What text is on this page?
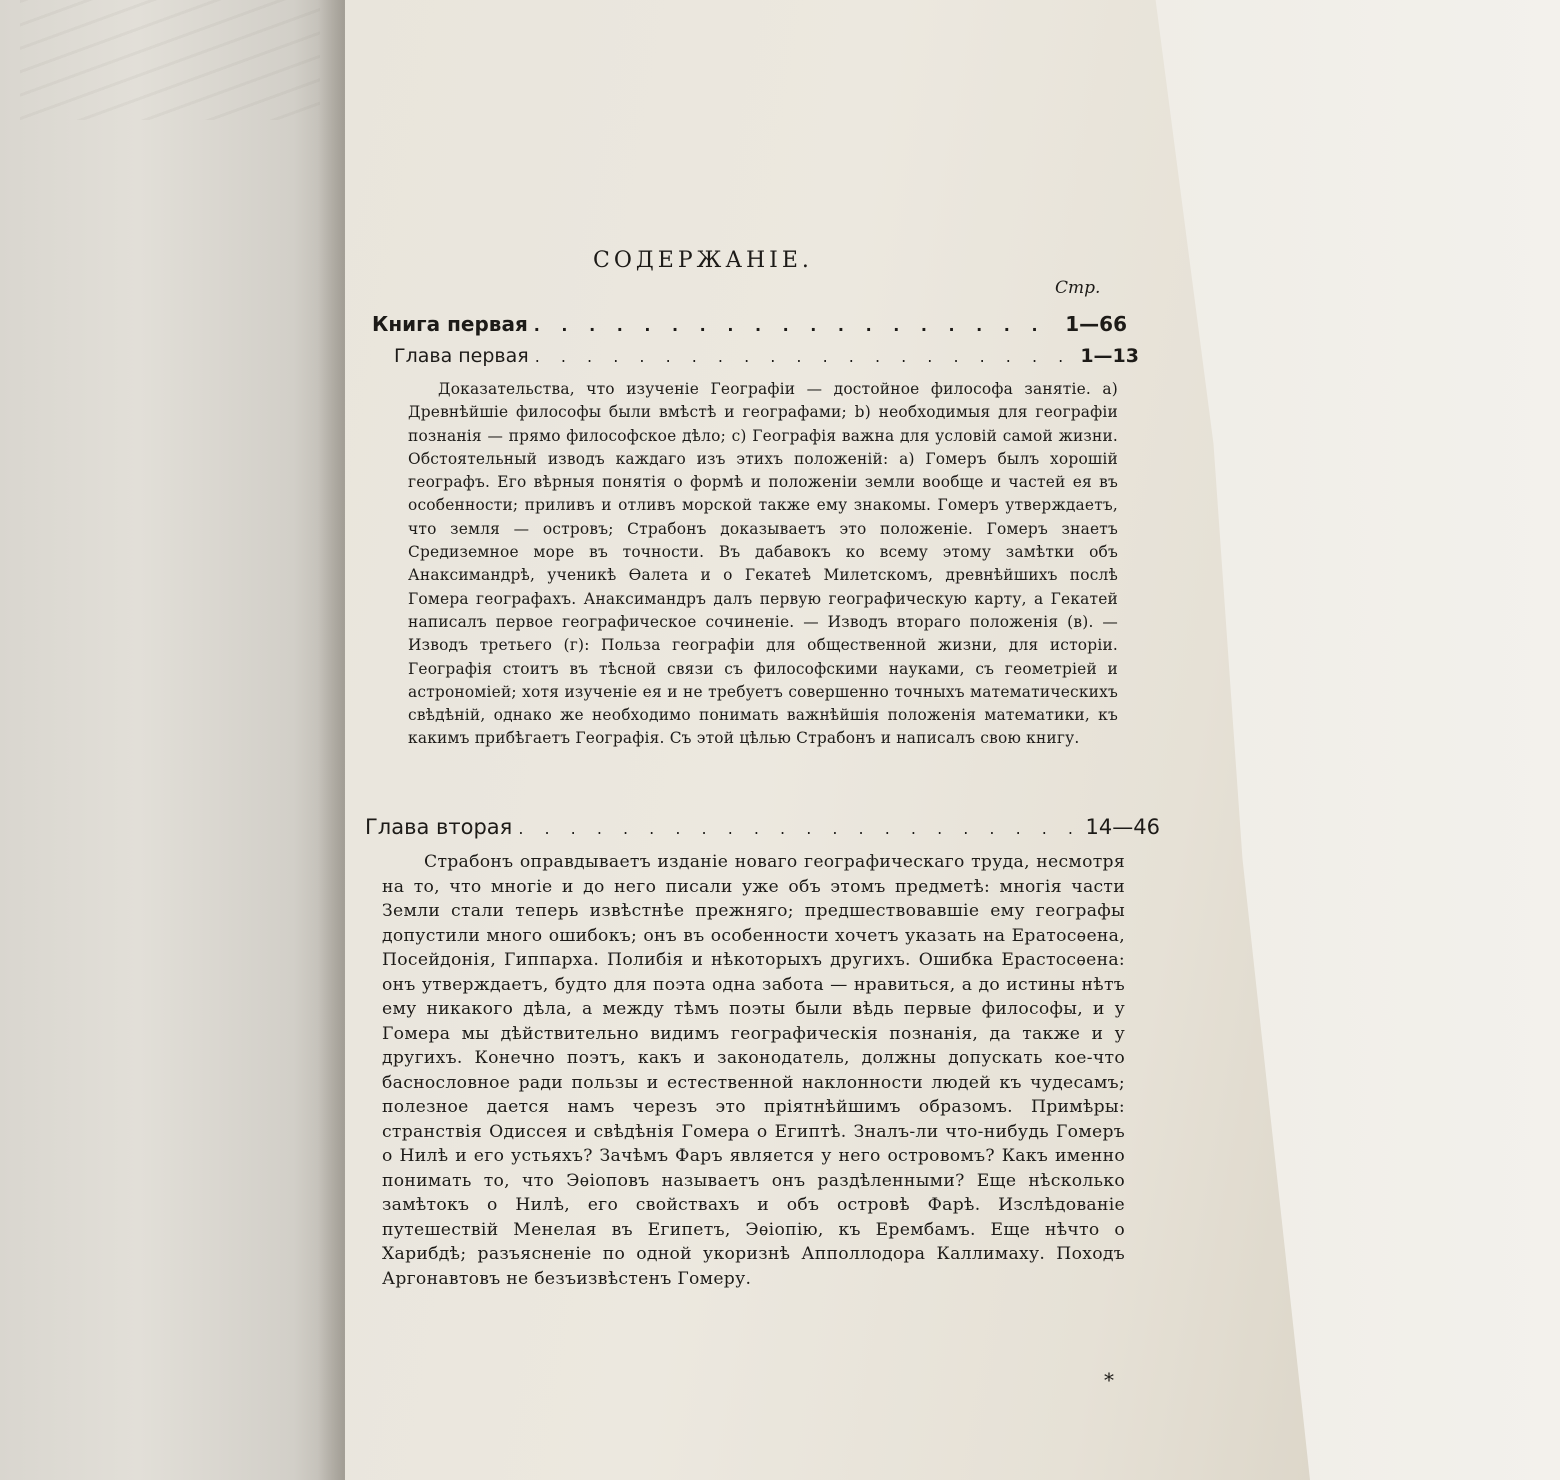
СОДЕРЖАНІЕ.
Стр.
Книга первая . . .	1—66
Глава первая . . .	1—13
Доказательства, что изученіе Географіи — достойное философа занятіе. а) Древнѣйшіе философы были вмѣстѣ и географами; b) необходимыя для географіи познанія — прямо философское дѣло; с) Географія важна для условій самой жизни. Обстоятельный изводъ каждаго изъ этихъ положеній: а) Гомеръ былъ хорошій географъ. Его вѣрныя понятія о формѣ и положеніи земли вообще и частей ея въ особенности; приливъ и отливъ морской также ему знакомы. Гомеръ утверждаетъ, что земля — островъ; Страбонъ доказываетъ это положеніе. Гомеръ знаетъ Средиземное море въ точности. Въ дабавокъ ко всему этому замѣтки объ Анаксимандрѣ, ученикѣ Ѳалета и о Гекатеѣ Милетскомъ, древнѣйшихъ послѣ Гомера географахъ. Анаксимандръ далъ первую географическую карту, а Гекатей написалъ первое географическое сочиненіе. — Изводъ втораго положенія (в). — Изводъ третьего (г): Польза географіи для общественной жизни, для исторіи. Географія стоитъ въ тѣсной связи съ философскими науками, съ геометріей и астрономіей; хотя изученіе ея и не требуетъ совершенно точныхъ математическихъ свѣдѣній, однако же необходимо понимать важнѣйшія положенія математики, къ какимъ прибѣгаетъ Географія. Съ этой цѣлью Страбонъ и написалъ свою книгу.
Глава вторая . . .	14—46
Страбонъ оправдываетъ изданіе новаго географическаго труда, несмотря на то, что многіе и до него писали уже объ этомъ предметѣ: многія части Земли стали теперь извѣстнѣе прежняго; предшествовавшіе ему географы допустили много ошибокъ; онъ въ особенности хочетъ указать на Ератосѳена, Посейдонія, Гиппарха. Полибія и нѣкоторыхъ другихъ. Ошибка Ерастосѳена: онъ утверждаетъ, будто для поэта одна забота — нравиться, а до истины нѣтъ ему никакого дѣла, а между тѣмъ поэты были вѣдь первые философы, и у Гомера мы дѣйствительно видимъ географическія познанія, да также и у другихъ. Конечно поэтъ, какъ и законодатель, должны допускать кое-что баснословное ради пользы и естественной наклонности людей къ чудесамъ; полезное дается намъ черезъ это пріятнѣйшимъ образомъ. Примѣры: странствія Одиссея и свѣдѣнія Гомера о Египтѣ. Зналъ-ли что-нибудь Гомеръ о Нилѣ и его устьяхъ? Зачѣмъ Фаръ является у него островомъ? Какъ именно понимать то, что Эѳіоповъ называетъ онъ раздѣленными? Еще нѣсколько замѣтокъ о Нилѣ, его свойствахъ и объ островѣ Фарѣ. Изслѣдованіе путешествій Менелая въ Египетъ, Эѳіопію, къ Ерембамъ. Еще нѣчто о Харибдѣ; разъясненіе по одной укоризнѣ Апполлодора Каллимаху. Походъ Аргонавтовъ не безъизвѣстенъ Гомеру.
*
